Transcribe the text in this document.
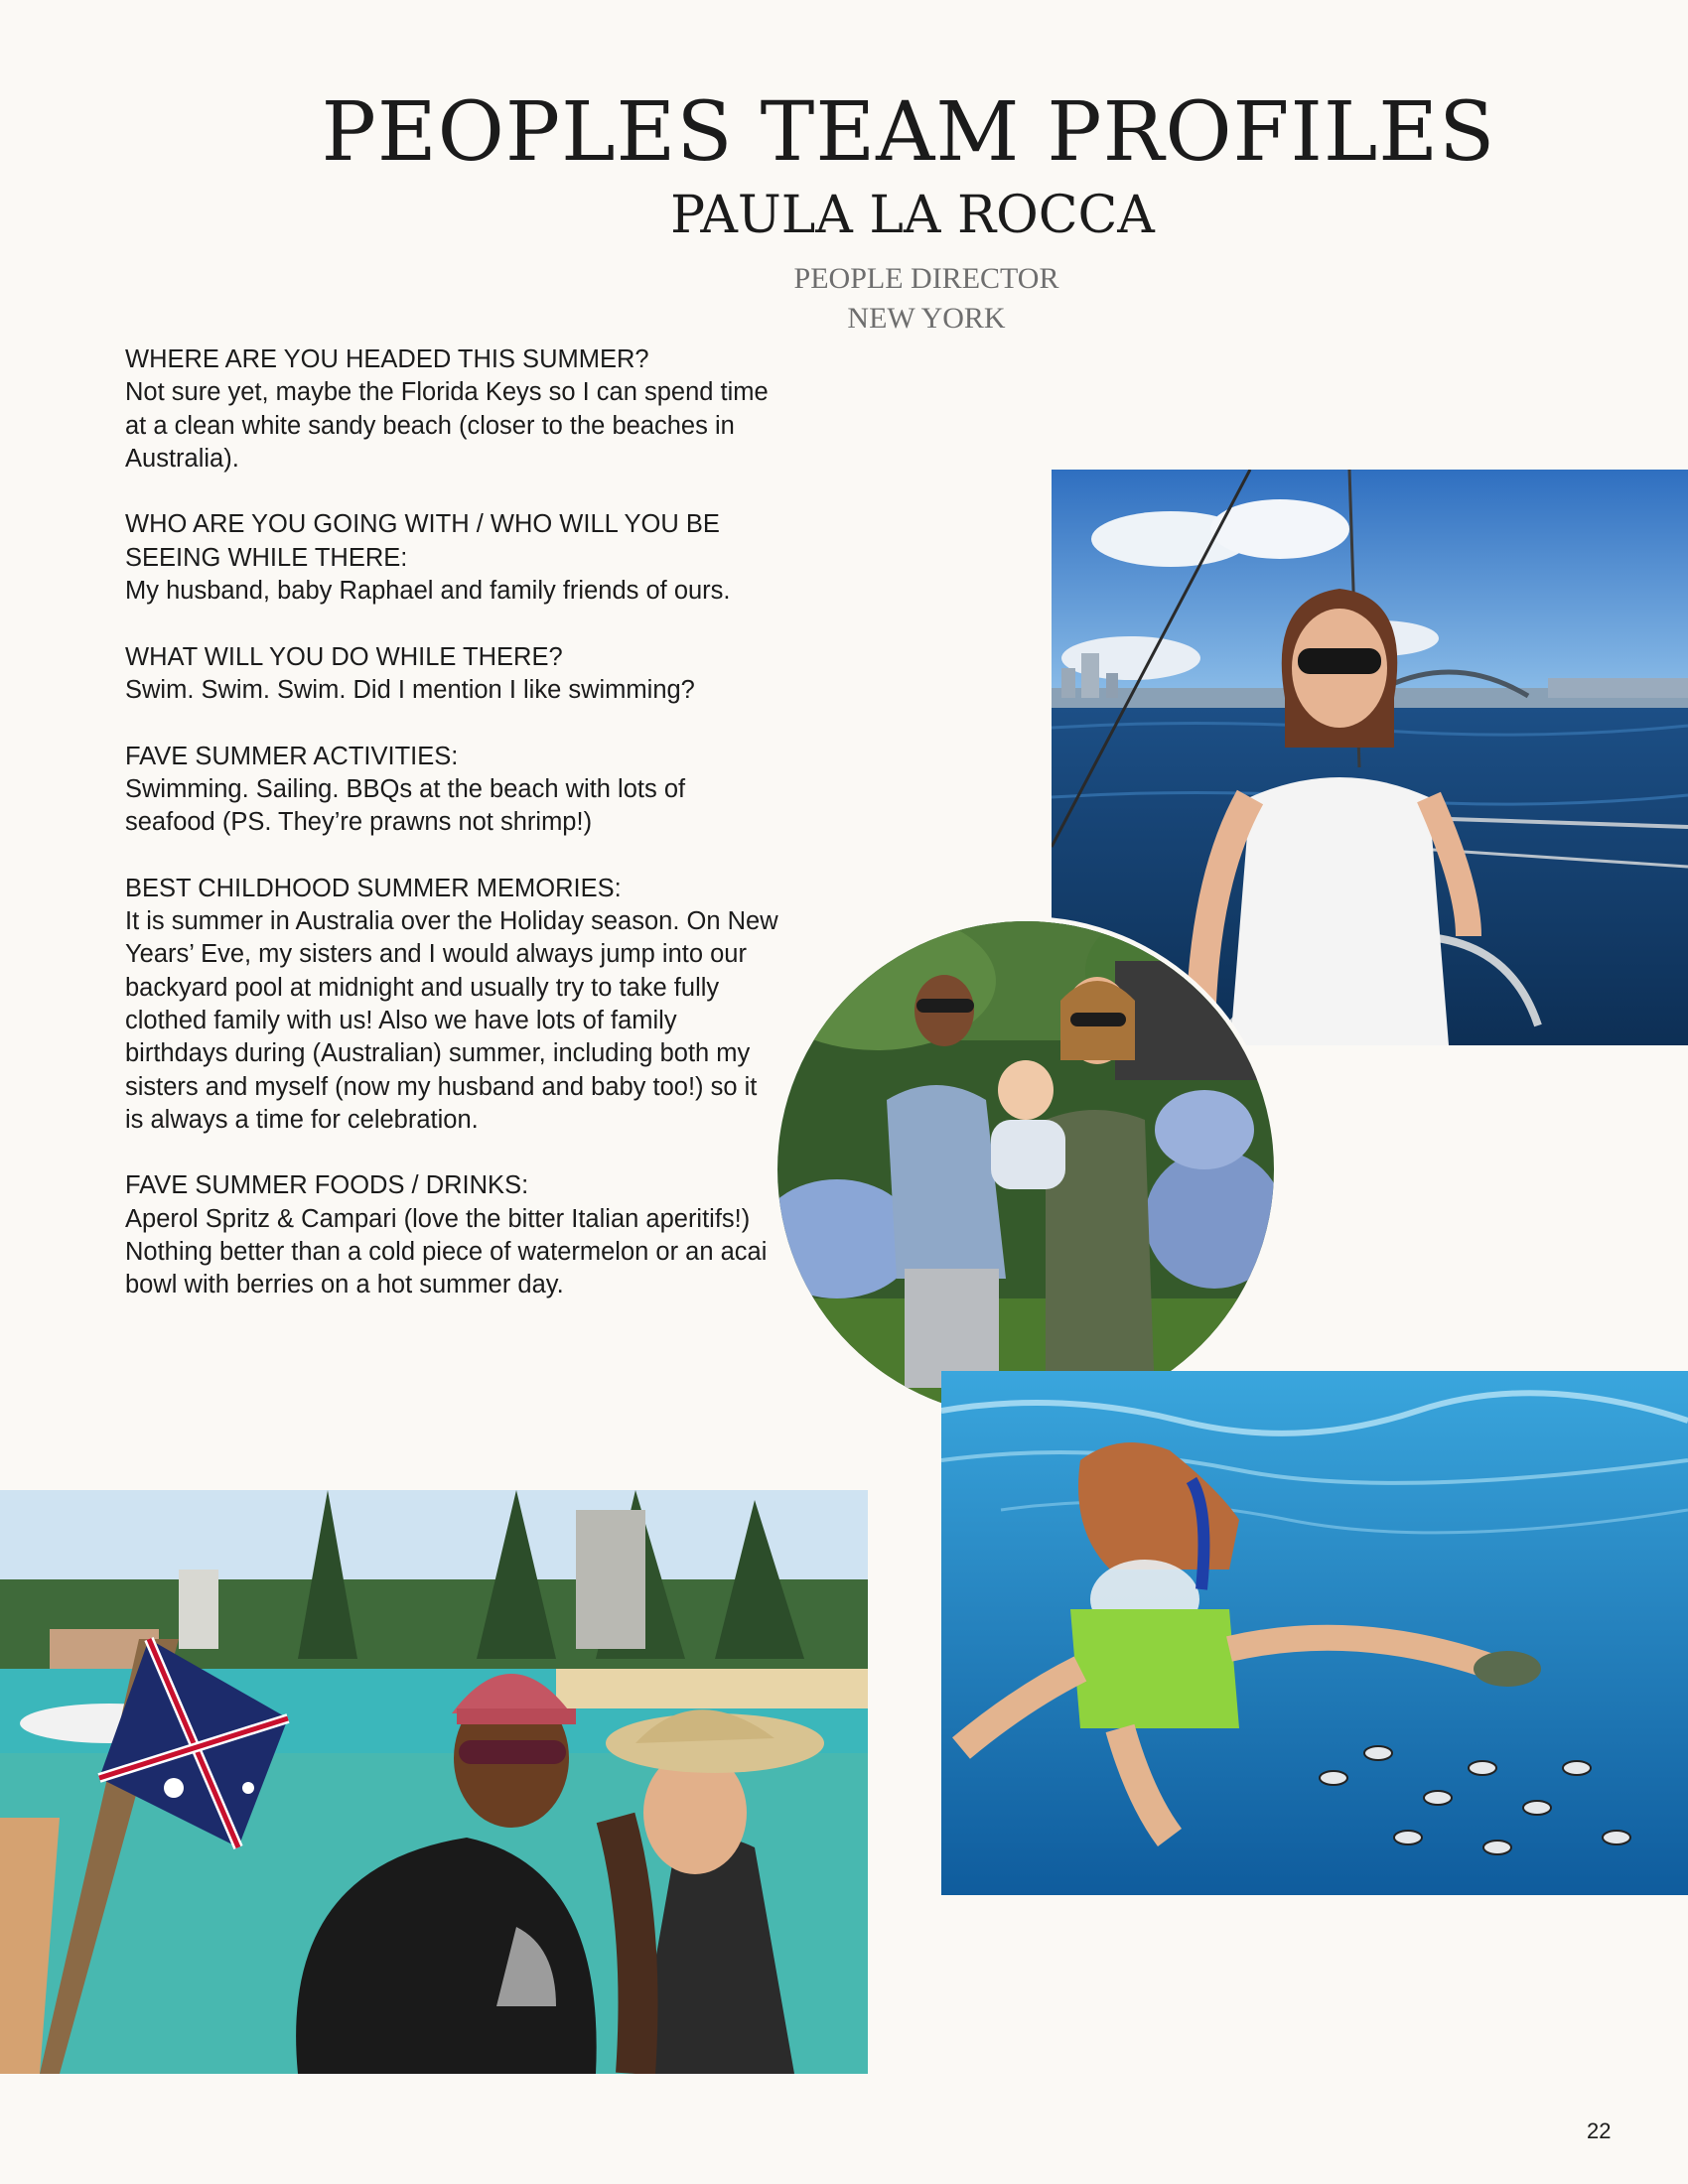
PEOPLES TEAM PROFILES
PAULA LA ROCCA
PEOPLE DIRECTOR
NEW YORK
WHERE ARE YOU HEADED THIS SUMMER?
Not sure yet, maybe the Florida Keys so I can spend time at a clean white sandy beach (closer to the beaches in Australia).
WHO ARE YOU GOING WITH / WHO WILL YOU BE SEEING WHILE THERE:
My husband, baby Raphael and family friends of ours.
WHAT WILL YOU DO WHILE THERE?
Swim. Swim. Swim. Did I mention I like swimming?
FAVE SUMMER ACTIVITIES:
Swimming. Sailing. BBQs at the beach with lots of seafood (PS. They’re prawns not shrimp!)
BEST CHILDHOOD SUMMER MEMORIES:
It is summer in Australia over the Holiday season. On New Years’ Eve, my sisters and I would always jump into our backyard pool at midnight and usually try to take fully clothed family with us! Also we have lots of family birthdays during (Australian) summer, including both my sisters and myself (now my husband and baby too!) so it is always a time for celebration.
FAVE SUMMER FOODS / DRINKS:
Aperol Spritz & Campari (love the bitter Italian aperitifs!) Nothing better than a cold piece of watermelon or an acai bowl with berries on a hot summer day.
22
